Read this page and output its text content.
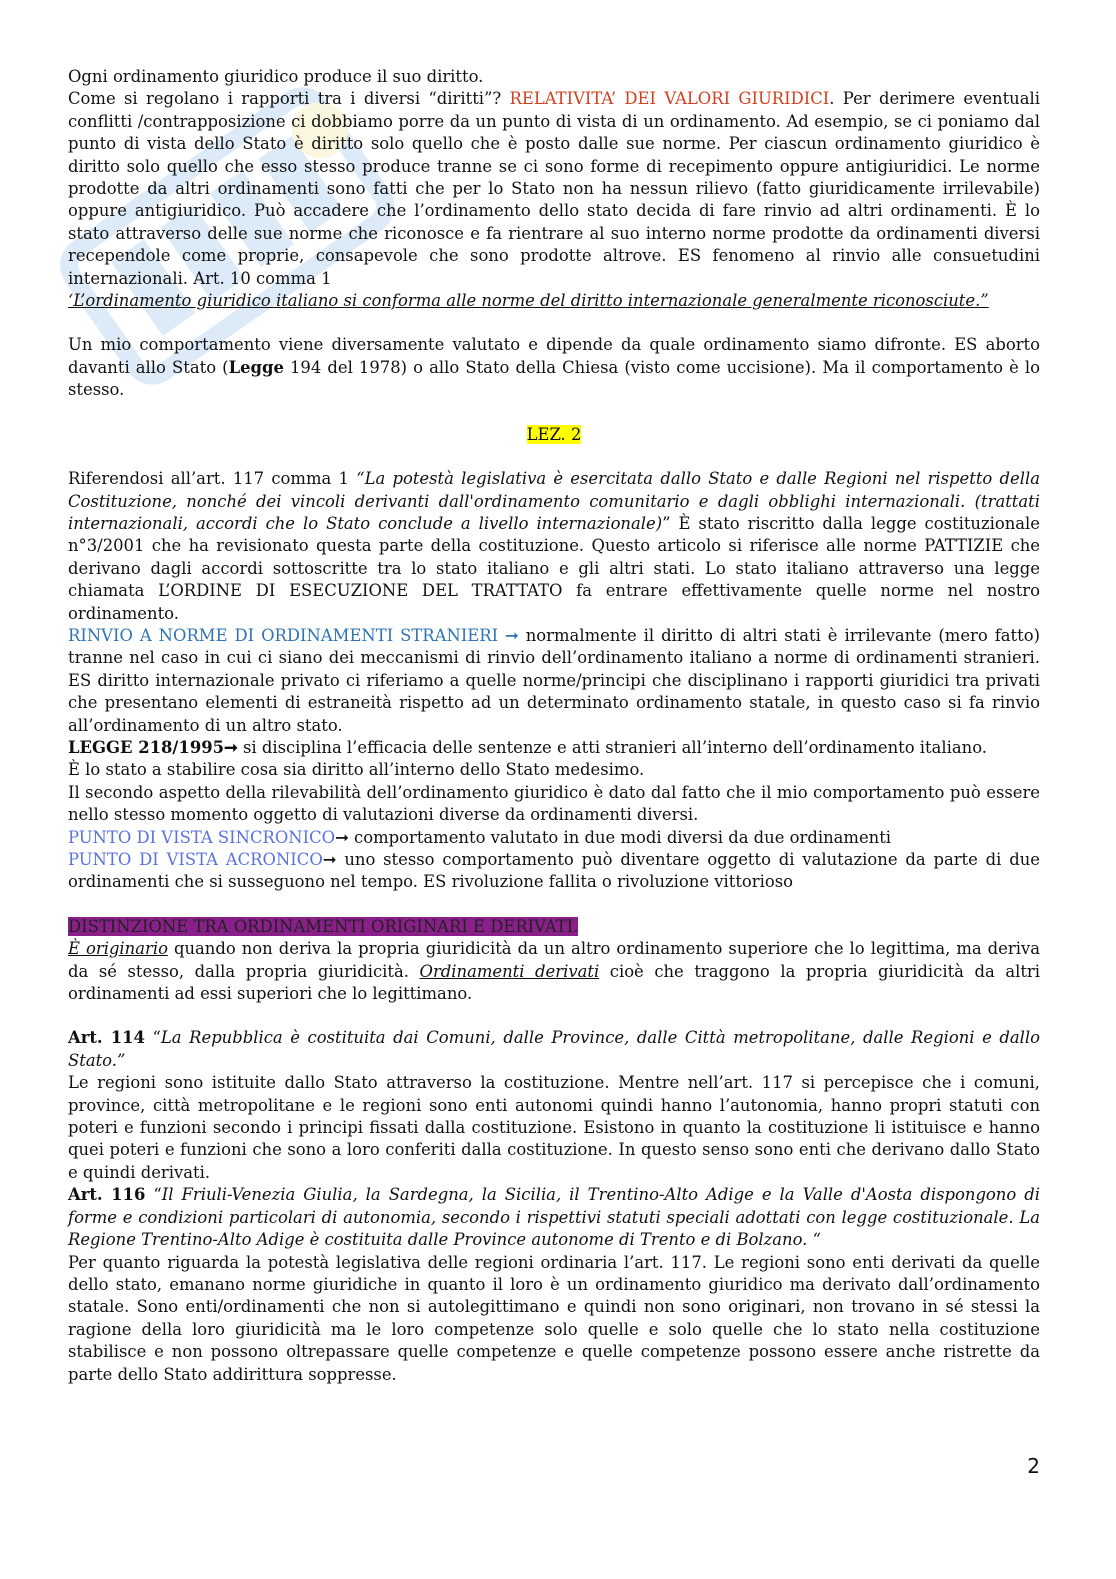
Ogni ordinamento giuridico produce il suo diritto.

Come si regolano i rapporti tra i diversi “diritti”? RELATIVITA’ DEI VALORI GIURIDICI. Per derimere eventuali conflitti /contrapposizione ci dobbiamo porre da un punto di vista di un ordinamento. Ad esempio, se ci poniamo dal punto di vista dello Stato è diritto solo quello che è posto dalle sue norme. Per ciascun ordinamento giuridico è diritto solo quello che esso stesso produce tranne se ci sono forme di recepimento oppure antigiuridici. Le norme prodotte da altri ordinamenti sono fatti che per lo Stato non ha nessun rilievo (fatto giuridicamente irrilevabile) oppure antigiuridico. Può accadere che l’ordinamento dello stato decida di fare rinvio ad altri ordinamenti. È lo stato attraverso delle sue norme che riconosce e fa rientrare al suo interno norme prodotte da ordinamenti diversi recependole come proprie, consapevole che sono prodotte altrove. ES fenomeno al rinvio alle consuetudini internazionali. Art. 10 comma 1

‘L’ordinamento giuridico italiano si conforma alle norme del diritto internazionale generalmente riconosciute.”

Un mio comportamento viene diversamente valutato e dipende da quale ordinamento siamo difronte. ES aborto davanti allo Stato (Legge 194 del 1978) o allo Stato della Chiesa (visto come uccisione). Ma il comportamento è lo stesso.

LEZ. 2

Riferendosi all’art. 117 comma 1 “La potestà legislativa è esercitata dallo Stato e dalle Regioni nel rispetto della Costituzione, nonché dei vincoli derivanti dall'ordinamento comunitario e dagli obblighi internazionali. (trattati internazionali, accordi che lo Stato conclude a livello internazionale)” È stato riscritto dalla legge costituzionale n°3/2001 che ha revisionato questa parte della costituzione. Questo articolo si riferisce alle norme PATTIZIE che derivano dagli accordi sottoscritte tra lo stato italiano e gli altri stati. Lo stato italiano attraverso una legge chiamata L’ORDINE DI ESECUZIONE DEL TRATTATO fa entrare effettivamente quelle norme nel nostro ordinamento.

RINVIO A NORME DI ORDINAMENTI STRANIERI ➞ normalmente il diritto di altri stati è irrilevante (mero fatto) tranne nel caso in cui ci siano dei meccanismi di rinvio dell’ordinamento italiano a norme di ordinamenti stranieri. ES diritto internazionale privato ci riferiamo a quelle norme/principi che disciplinano i rapporti giuridici tra privati che presentano elementi di estraneità rispetto ad un determinato ordinamento statale, in questo caso si fa rinvio all’ordinamento di un altro stato.

LEGGE 218/1995➞ si disciplina l’efficacia delle sentenze e atti stranieri all’interno dell’ordinamento italiano.

È lo stato a stabilire cosa sia diritto all’interno dello Stato medesimo.

Il secondo aspetto della rilevabilità dell’ordinamento giuridico è dato dal fatto che il mio comportamento può essere nello stesso momento oggetto di valutazioni diverse da ordinamenti diversi.

PUNTO DI VISTA SINCRONICO➞ comportamento valutato in due modi diversi da due ordinamenti

PUNTO DI VISTA ACRONICO➞ uno stesso comportamento può diventare oggetto di valutazione da parte di due ordinamenti che si susseguono nel tempo. ES rivoluzione fallita o rivoluzione vittorioso

DISTINZIONE TRA ORDINAMENTI ORIGINARI E DERIVATI.

È originario quando non deriva la propria giuridicità da un altro ordinamento superiore che lo legittima, ma deriva da sé stesso, dalla propria giuridicità. Ordinamenti derivati cioè che traggono la propria giuridicità da altri ordinamenti ad essi superiori che lo legittimano.

Art. 114 “La Repubblica è costituita dai Comuni, dalle Province, dalle Città metropolitane, dalle Regioni e dallo Stato.”

Le regioni sono istituite dallo Stato attraverso la costituzione. Mentre nell’art. 117 si percepisce che i comuni, province, città metropolitane e le regioni sono enti autonomi quindi hanno l’autonomia, hanno propri statuti con poteri e funzioni secondo i principi fissati dalla costituzione. Esistono in quanto la costituzione li istituisce e hanno quei poteri e funzioni che sono a loro conferiti dalla costituzione. In questo senso sono enti che derivano dallo Stato e quindi derivati.

Art. 116 “Il Friuli-Venezia Giulia, la Sardegna, la Sicilia, il Trentino-Alto Adige e la Valle d'Aosta dispongono di forme e condizioni particolari di autonomia, secondo i rispettivi statuti speciali adottati con legge costituzionale. La Regione Trentino-Alto Adige è costituita dalle Province autonome di Trento e di Bolzano. “

Per quanto riguarda la potestà legislativa delle regioni ordinaria l’art. 117. Le regioni sono enti derivati da quelle dello stato, emanano norme giuridiche in quanto il loro è un ordinamento giuridico ma derivato dall’ordinamento statale. Sono enti/ordinamenti che non si autolegittimano e quindi non sono originari, non trovano in sé stessi la ragione della loro giuridicità ma le loro competenze solo quelle e solo quelle che lo stato nella costituzione stabilisce e non possono oltrepassare quelle competenze e quelle competenze possono essere anche ristrette da parte dello Stato addirittura soppresse.

2
